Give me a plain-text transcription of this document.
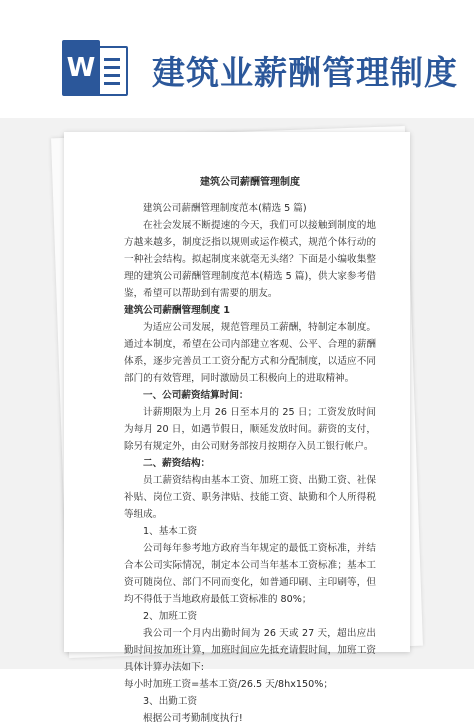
W 建筑业薪酬管理制度
建筑公司薪酬管理制度

建筑公司薪酬管理制度范本(精选 5 篇)

在社会发展不断提速的今天，我们可以接触到制度的地方越来越多，制度泛指以规则或运作模式，规范个体行动的一种社会结构。拟起制度来就毫无头绪？下面是小编收集整理的建筑公司薪酬管理制度范本(精选 5 篇)，供大家参考借鉴，希望可以帮助到有需要的朋友。

建筑公司薪酬管理制度 1

为适应公司发展，规范管理员工薪酬，特制定本制度。通过本制度，希望在公司内部建立客观、公平、合理的薪酬体系，逐步完善员工工资分配方式和分配制度，以适应不同部门的有效管理，同时激励员工积极向上的进取精神。

一、公司薪资结算时间：

计薪期限为上月 26 日至本月的 25 日；工资发放时间为每月 20 日，如遇节假日，顺延发放时间。薪资的支付，除另有规定外，由公司财务部按月按期存入员工银行帐户。

二、薪资结构：

员工薪资结构由基本工资、加班工资、出勤工资、社保补贴、岗位工资、职务津贴、技能工资、缺勤和个人所得税等组成。

1、基本工资

公司每年参考地方政府当年规定的最低工资标准，并结合本公司实际情况，制定本公司当年基本工资标准；基本工资可随岗位、部门不同而变化，如普通印刷、主印刷等，但均不得低于当地政府最低工资标准的 80%；

2、加班工资

我公司一个月内出勤时间为 26 天或 27 天，超出应出勤时间按加班计算，加班时间应先抵充请假时间，加班工资具体计算办法如下:

每小时加班工资=基本工资/26.5 天/8hx150%；

3、出勤工资

根据公司考勤制度执行!
